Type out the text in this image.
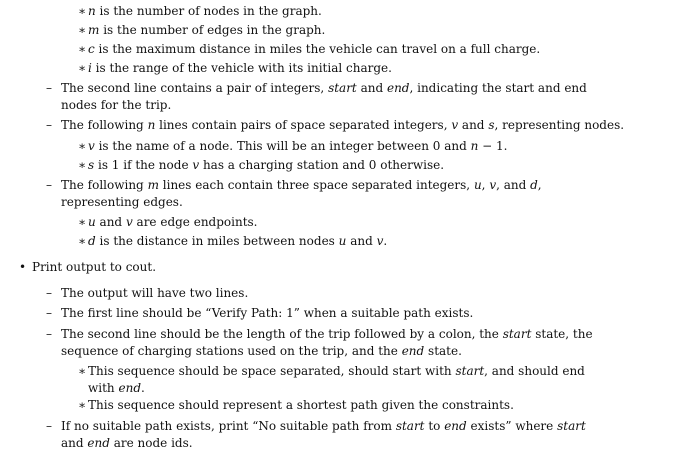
∗ n is the number of nodes in the graph.
∗ m is the number of edges in the graph.
∗ c is the maximum distance in miles the vehicle can travel on a full charge.
∗ i is the range of the vehicle with its initial charge.
– The second line contains a pair of integers, start and end, indicating the start and end nodes for the trip.
– The following n lines contain pairs of space separated integers, v and s, representing nodes.
∗ v is the name of a node. This will be an integer between 0 and n − 1.
∗ s is 1 if the node v has a charging station and 0 otherwise.
– The following m lines each contain three space separated integers, u, v, and d, representing edges.
∗ u and v are edge endpoints.
∗ d is the distance in miles between nodes u and v.
• Print output to cout.
– The output will have two lines.
– The first line should be “Verify Path: 1” when a suitable path exists.
– The second line should be the length of the trip followed by a colon, the start state, the sequence of charging stations used on the trip, and the end state.
∗ This sequence should be space separated, should start with start, and should end with end.
∗ This sequence should represent a shortest path given the constraints.
– If no suitable path exists, print “No suitable path from start to end exists” where start and end are node ids.
